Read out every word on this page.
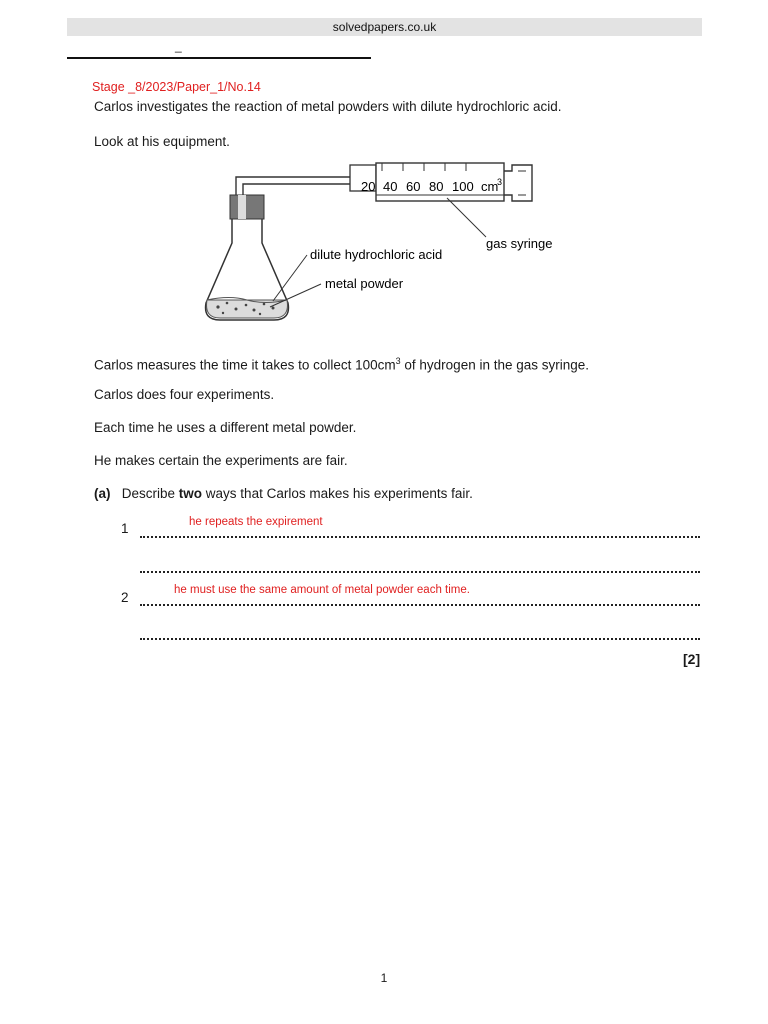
solvedpapers.co.uk
_
Stage _8/2023/Paper_1/No.14
Carlos investigates the reaction of metal powders with dilute hydrochloric acid.
Look at his equipment.
20 40 60 80 100 cm
3
gas syringe
dilute hydrochloric acid
metal powder
Carlos measures the time it takes to collect $100cm^3$ of hydrogen in the gas syringe.
Carlos does four experiments.
Each time he uses a different metal powder.
He makes certain the experiments are fair.
(a) Describe two ways that Carlos makes his experiments fair.
1	he repeats the expirement
2	he must use the same amount of metal powder each time.
[2]
1
